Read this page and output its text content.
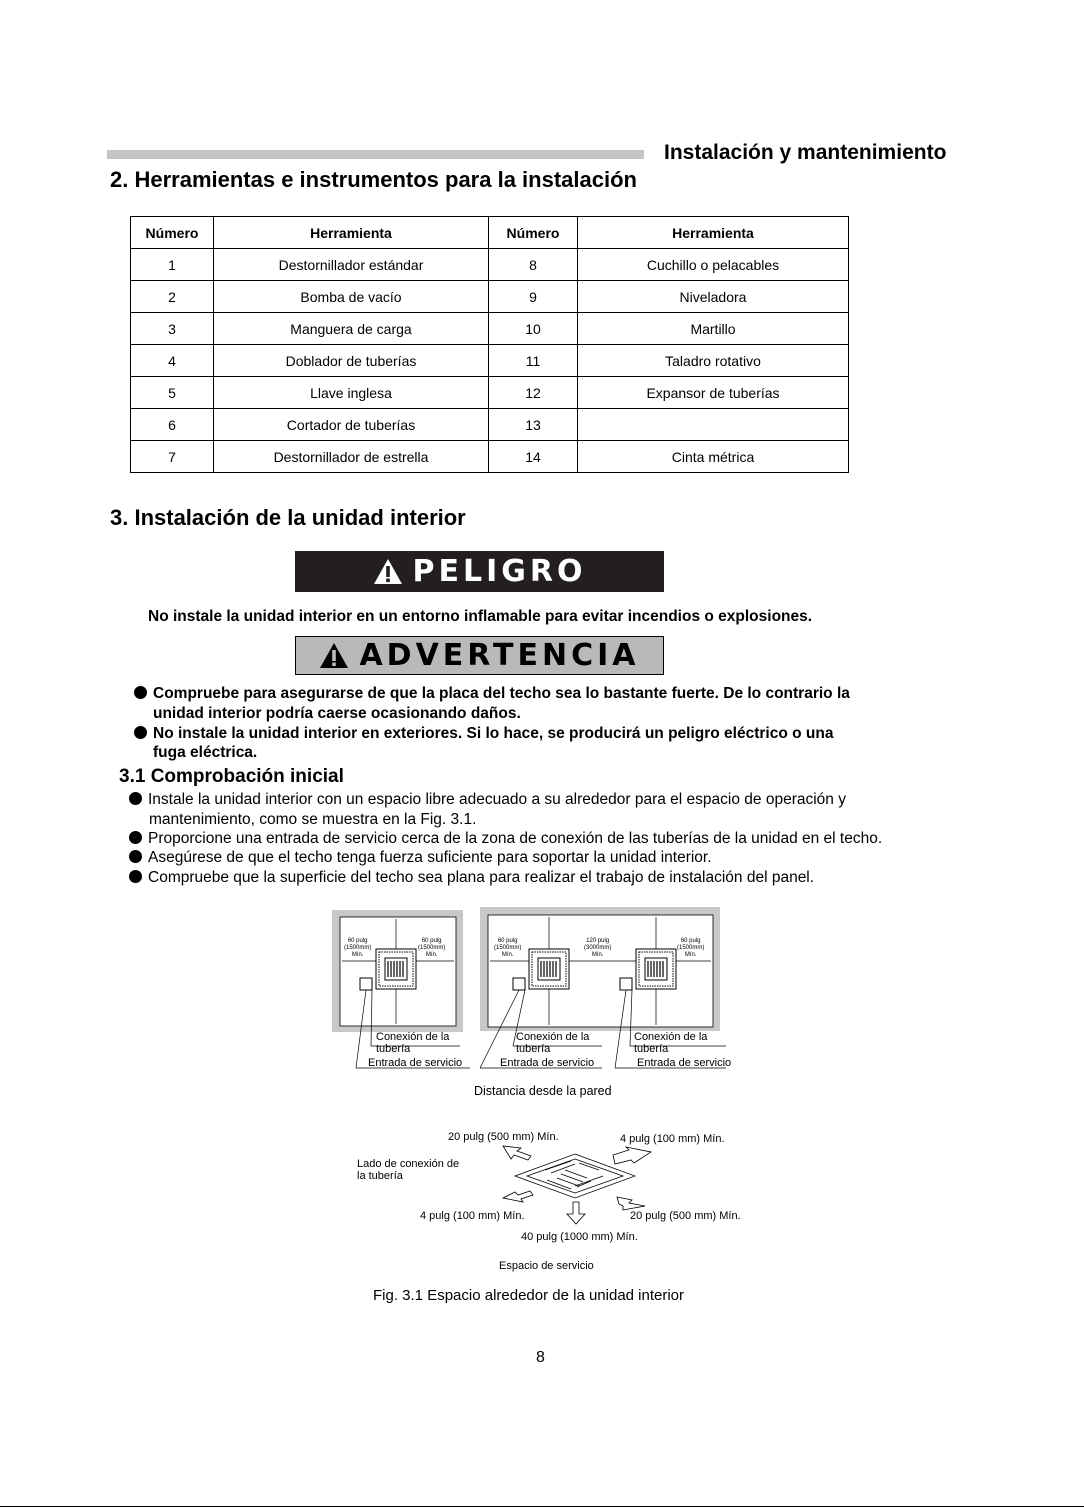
Instalación y mantenimiento
2. Herramientas e instrumentos para la instalación
Número	Herramienta	Número	Herramienta
1	Destornillador estándar	8	Cuchillo o pelacables
2	Bomba de vacío	9	Niveladora
3	Manguera de carga	10	Martillo
4	Doblador de tuberías	11	Taladro rotativo
5	Llave inglesa	12	Expansor de tuberías
6	Cortador de tuberías	13	
7	Destornillador de estrella	14	Cinta métrica
3. Instalación de la unidad interior
PELIGRO
No instale la unidad interior en un entorno inflamable para evitar incendios o explosiones.
ADVERTENCIA
Compruebe para asegurarse de que la placa del techo sea lo bastante fuerte. De lo contrario la
unidad interior podría caerse ocasionando daños.
No instale la unidad interior en exteriores. Si lo hace, se producirá un peligro eléctrico o una
fuga eléctrica.
3.1 Comprobación inicial
Instale la unidad interior con un espacio libre adecuado a su alrededor para el espacio de operación y
mantenimiento, como se muestra en la Fig. 3.1.
Proporcione una entrada de servicio cerca de la zona de conexión de las tuberías de la unidad en el techo.
Asegúrese de que el techo tenga fuerza suficiente para soportar la unidad interior.
Compruebe que la superficie del techo sea plana para realizar el trabajo de instalación del panel.
60 pulg
(1500mm)
Mín.
60 pulg
(1500mm)
Mín.
60 pulg
(1500mm)
Mín.
120 pulg
(3000mm)
Mín.
60 pulg
(1500mm)
Mín.
Conexión de la
tubería
Conexión de la
tubería
Conexión de la
tubería
Entrada de servicio	Entrada de servicio	Entrada de servicio
Distancia desde la pared
20 pulg (500 mm) Mín.	4 pulg (100 mm) Mín.
Lado de conexión de
la tubería
4 pulg (100 mm) Mín.	20 pulg (500 mm) Mín.
40 pulg (1000 mm) Mín.
Espacio de servicio
Fig. 3.1 Espacio alrededor de la unidad interior
8
